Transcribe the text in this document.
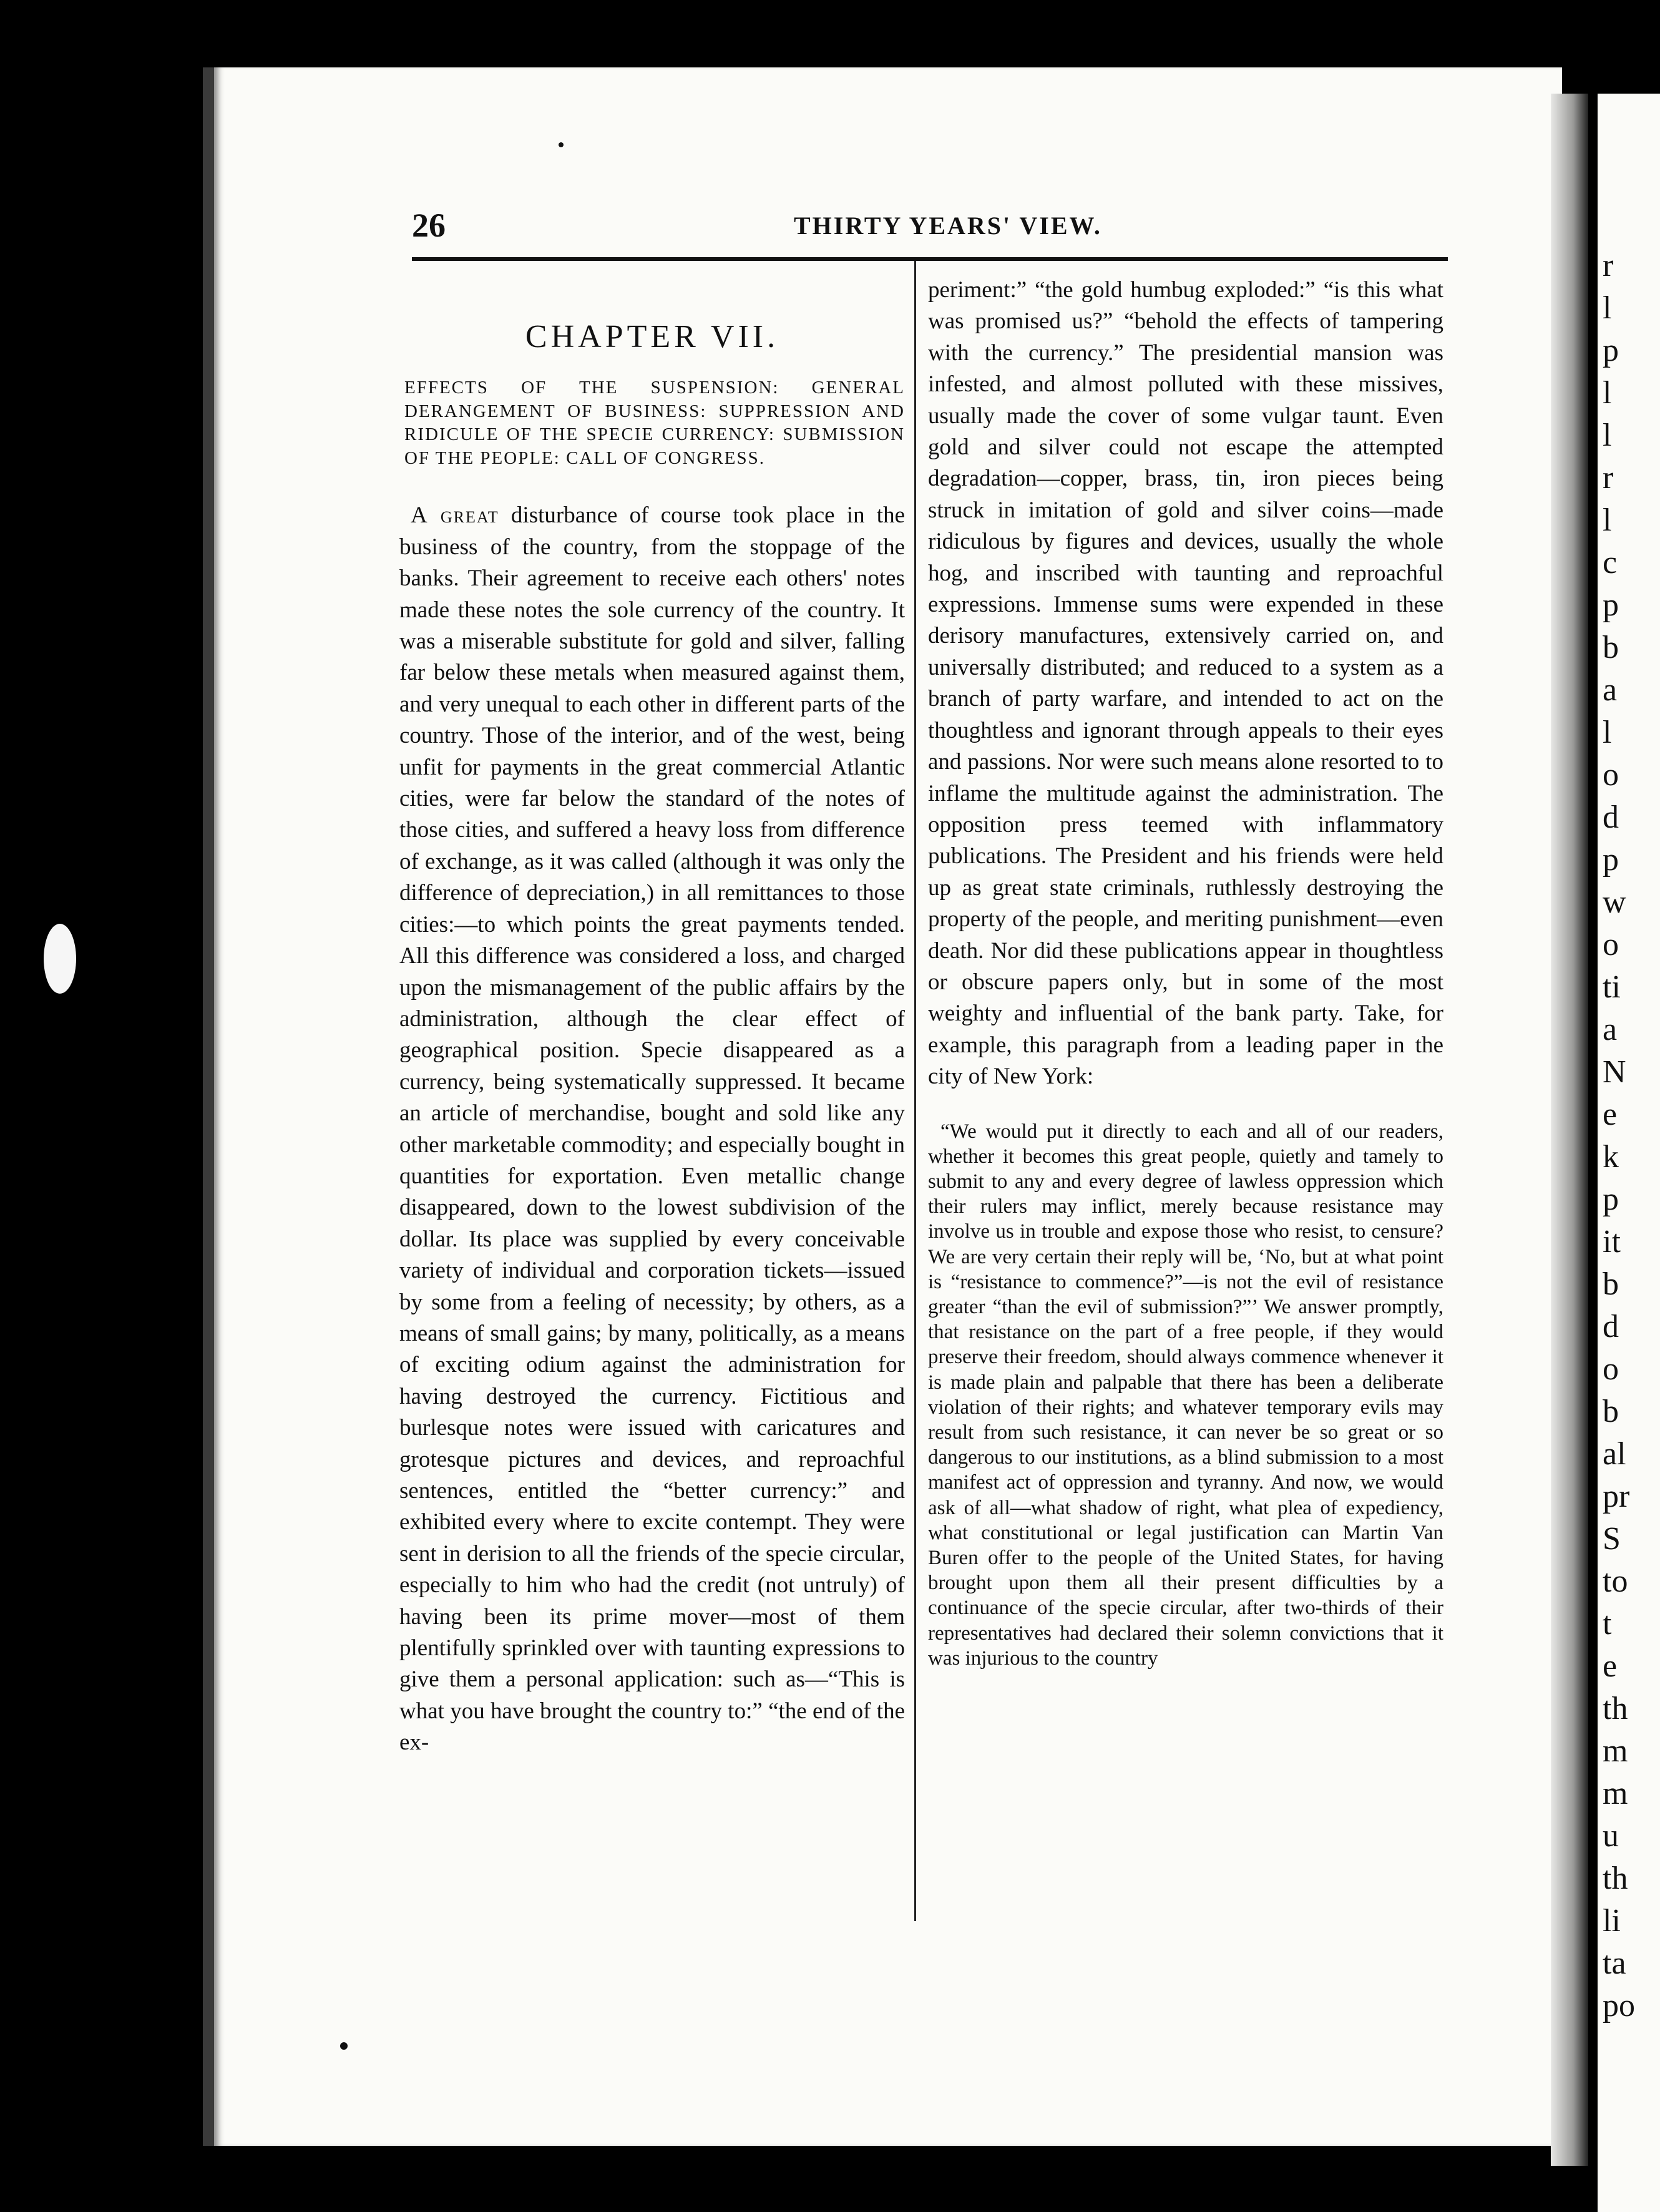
r
l
p
l
l
r
l
c
p
b
a
l
o
d
p
w
o
ti
a
N
e
k
p
it
b
d
o
b
al
pr
S
to
t
e
th
m
m
u
th
li
ta
po
26	THIRTY YEARS' VIEW.
CHAPTER VII.

EFFECTS OF THE SUSPENSION: GENERAL DERANGEMENT OF BUSINESS: SUPPRESSION AND RIDICULE OF THE SPECIE CURRENCY: SUBMISSION OF THE PEOPLE: CALL OF CONGRESS.

A great disturbance of course took place in the business of the country, from the stoppage of the banks. Their agreement to receive each others' notes made these notes the sole currency of the country. It was a miserable substitute for gold and silver, falling far below these metals when measured against them, and very unequal to each other in different parts of the country. Those of the interior, and of the west, being unfit for payments in the great commercial Atlantic cities, were far below the standard of the notes of those cities, and suffered a heavy loss from difference of exchange, as it was called (although it was only the difference of depreciation,) in all remittances to those cities:—to which points the great payments tended. All this difference was considered a loss, and charged upon the mismanagement of the public affairs by the administration, although the clear effect of geographical position. Specie disappeared as a currency, being systematically suppressed. It became an article of merchandise, bought and sold like any other marketable commodity; and especially bought in quantities for exportation. Even metallic change disappeared, down to the lowest subdivision of the dollar. Its place was supplied by every conceivable variety of individual and corporation tickets—issued by some from a feeling of necessity; by others, as a means of small gains; by many, politically, as a means of exciting odium against the administration for having destroyed the currency. Fictitious and burlesque notes were issued with caricatures and grotesque pictures and devices, and reproachful sentences, entitled the “better currency:” and exhibited every where to excite contempt. They were sent in derision to all the friends of the specie circular, especially to him who had the credit (not untruly) of having been its prime mover—most of them plentifully sprinkled over with taunting expressions to give them a personal application: such as—“This is what you have brought the country to:” “the end of the ex-

periment:” “the gold humbug exploded:” “is this what was promised us?” “behold the effects of tampering with the currency.” The presidential mansion was infested, and almost polluted with these missives, usually made the cover of some vulgar taunt. Even gold and silver could not escape the attempted degradation—copper, brass, tin, iron pieces being struck in imitation of gold and silver coins—made ridiculous by figures and devices, usually the whole hog, and inscribed with taunting and reproachful expressions. Immense sums were expended in these derisory manufactures, extensively carried on, and universally distributed; and reduced to a system as a branch of party warfare, and intended to act on the thoughtless and ignorant through appeals to their eyes and passions. Nor were such means alone resorted to to inflame the multitude against the administration. The opposition press teemed with inflammatory publications. The President and his friends were held up as great state criminals, ruthlessly destroying the property of the people, and meriting punishment—even death. Nor did these publications appear in thoughtless or obscure papers only, but in some of the most weighty and influential of the bank party. Take, for example, this paragraph from a leading paper in the city of New York:

“We would put it directly to each and all of our readers, whether it becomes this great people, quietly and tamely to submit to any and every degree of lawless oppression which their rulers may inflict, merely because resistance may involve us in trouble and expose those who resist, to censure? We are very certain their reply will be, ‘No, but at what point is “resistance to commence?”—is not the evil of resistance greater “than the evil of submission?”’ We answer promptly, that resistance on the part of a free people, if they would preserve their freedom, should always commence whenever it is made plain and palpable that there has been a deliberate violation of their rights; and whatever temporary evils may result from such resistance, it can never be so great or so dangerous to our institutions, as a blind submission to a most manifest act of oppression and tyranny. And now, we would ask of all—what shadow of right, what plea of expediency, what constitutional or legal justification can Martin Van Buren offer to the people of the United States, for having brought upon them all their present difficulties by a continuance of the specie circular, after two-thirds of their representatives had declared their solemn convictions that it was injurious to the country
